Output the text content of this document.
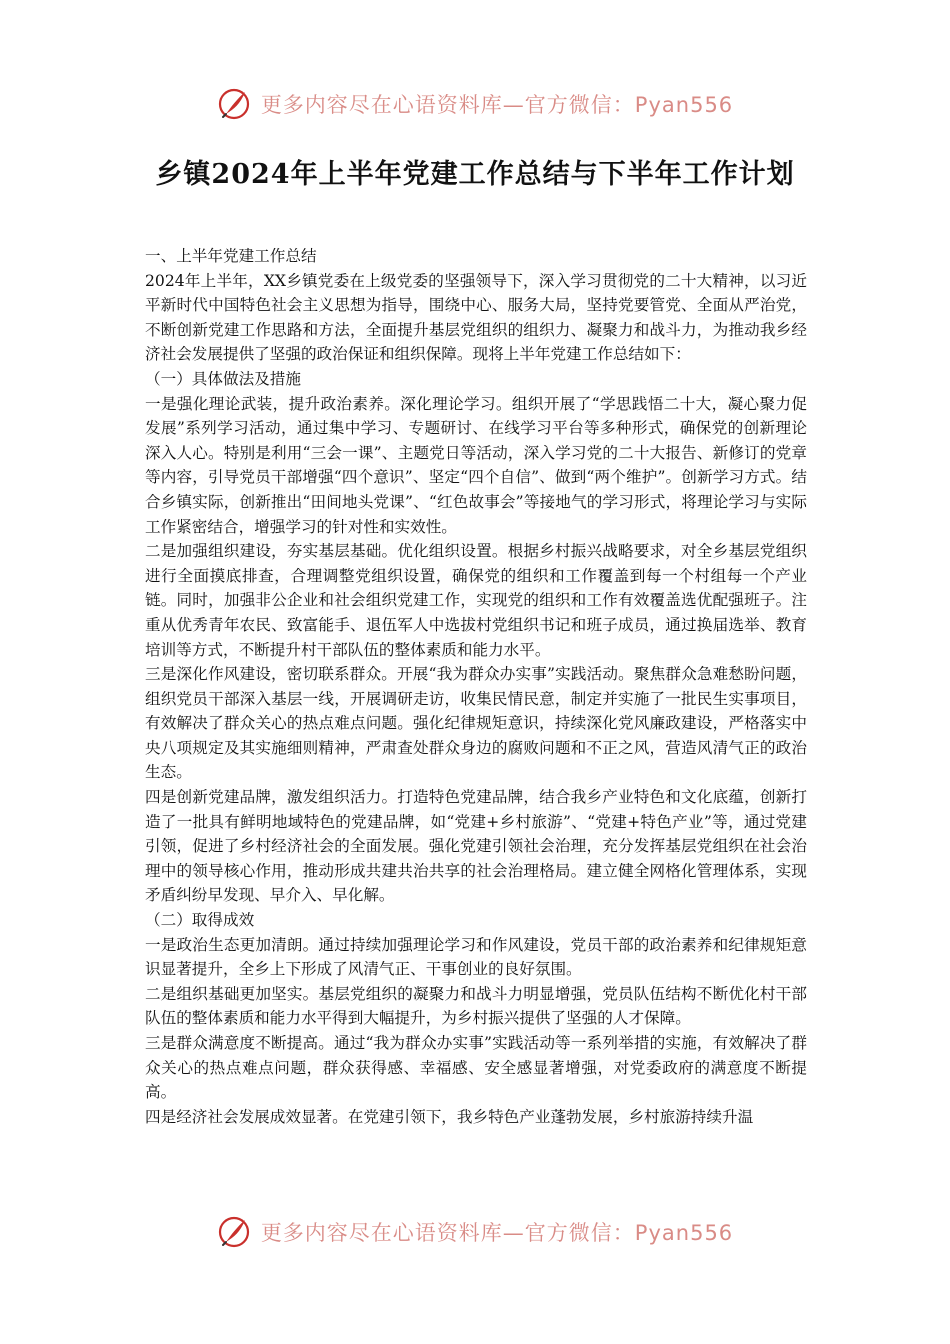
更多内容尽在心语资料库—官方微信：Pyan556
乡镇2024年上半年党建工作总结与下半年工作计划

一、上半年党建工作总结

2024年上半年，XX乡镇党委在上级党委的坚强领导下，深入学习贯彻党的二十大精神，以习近平新时代中国特色社会主义思想为指导，围绕中心、服务大局，坚持党要管党、全面从严治党，不断创新党建工作思路和方法，全面提升基层党组织的组织力、凝聚力和战斗力，为推动我乡经济社会发展提供了坚强的政治保证和组织保障。现将上半年党建工作总结如下：

（一）具体做法及措施

一是强化理论武装，提升政治素养。深化理论学习。组织开展了“学思践悟二十大，凝心聚力促发展”系列学习活动，通过集中学习、专题研讨、在线学习平台等多种形式，确保党的创新理论深入人心。特别是利用“三会一课”、主题党日等活动，深入学习党的二十大报告、新修订的党章等内容，引导党员干部增强“四个意识”、坚定“四个自信”、做到“两个维护”。创新学习方式。结合乡镇实际，创新推出“田间地头党课”、“红色故事会”等接地气的学习形式，将理论学习与实际工作紧密结合，增强学习的针对性和实效性。

二是加强组织建设，夯实基层基础。优化组织设置。根据乡村振兴战略要求，对全乡基层党组织进行全面摸底排查，合理调整党组织设置，确保党的组织和工作覆盖到每一个村组每一个产业链。同时，加强非公企业和社会组织党建工作，实现党的组织和工作有效覆盖选优配强班子。注重从优秀青年农民、致富能手、退伍军人中选拔村党组织书记和班子成员，通过换届选举、教育培训等方式，不断提升村干部队伍的整体素质和能力水平。

三是深化作风建设，密切联系群众。开展“我为群众办实事”实践活动。聚焦群众急难愁盼问题，组织党员干部深入基层一线，开展调研走访，收集民情民意，制定并实施了一批民生实事项目，有效解决了群众关心的热点难点问题。强化纪律规矩意识，持续深化党风廉政建设，严格落实中央八项规定及其实施细则精神，严肃查处群众身边的腐败问题和不正之风，营造风清气正的政治生态。

四是创新党建品牌，激发组织活力。打造特色党建品牌，结合我乡产业特色和文化底蕴，创新打造了一批具有鲜明地域特色的党建品牌，如“党建+乡村旅游”、“党建+特色产业”等，通过党建引领，促进了乡村经济社会的全面发展。强化党建引领社会治理，充分发挥基层党组织在社会治理中的领导核心作用，推动形成共建共治共享的社会治理格局。建立健全网格化管理体系，实现矛盾纠纷早发现、早介入、早化解。

（二）取得成效

一是政治生态更加清朗。通过持续加强理论学习和作风建设，党员干部的政治素养和纪律规矩意识显著提升，全乡上下形成了风清气正、干事创业的良好氛围。

二是组织基础更加坚实。基层党组织的凝聚力和战斗力明显增强，党员队伍结构不断优化村干部队伍的整体素质和能力水平得到大幅提升，为乡村振兴提供了坚强的人才保障。

三是群众满意度不断提高。通过“我为群众办实事”实践活动等一系列举措的实施，有效解决了群众关心的热点难点问题，群众获得感、幸福感、安全感显著增强，对党委政府的满意度不断提高。

四是经济社会发展成效显著。在党建引领下，我乡特色产业蓬勃发展，乡村旅游持续升温

更多内容尽在心语资料库—官方微信：Pyan556
